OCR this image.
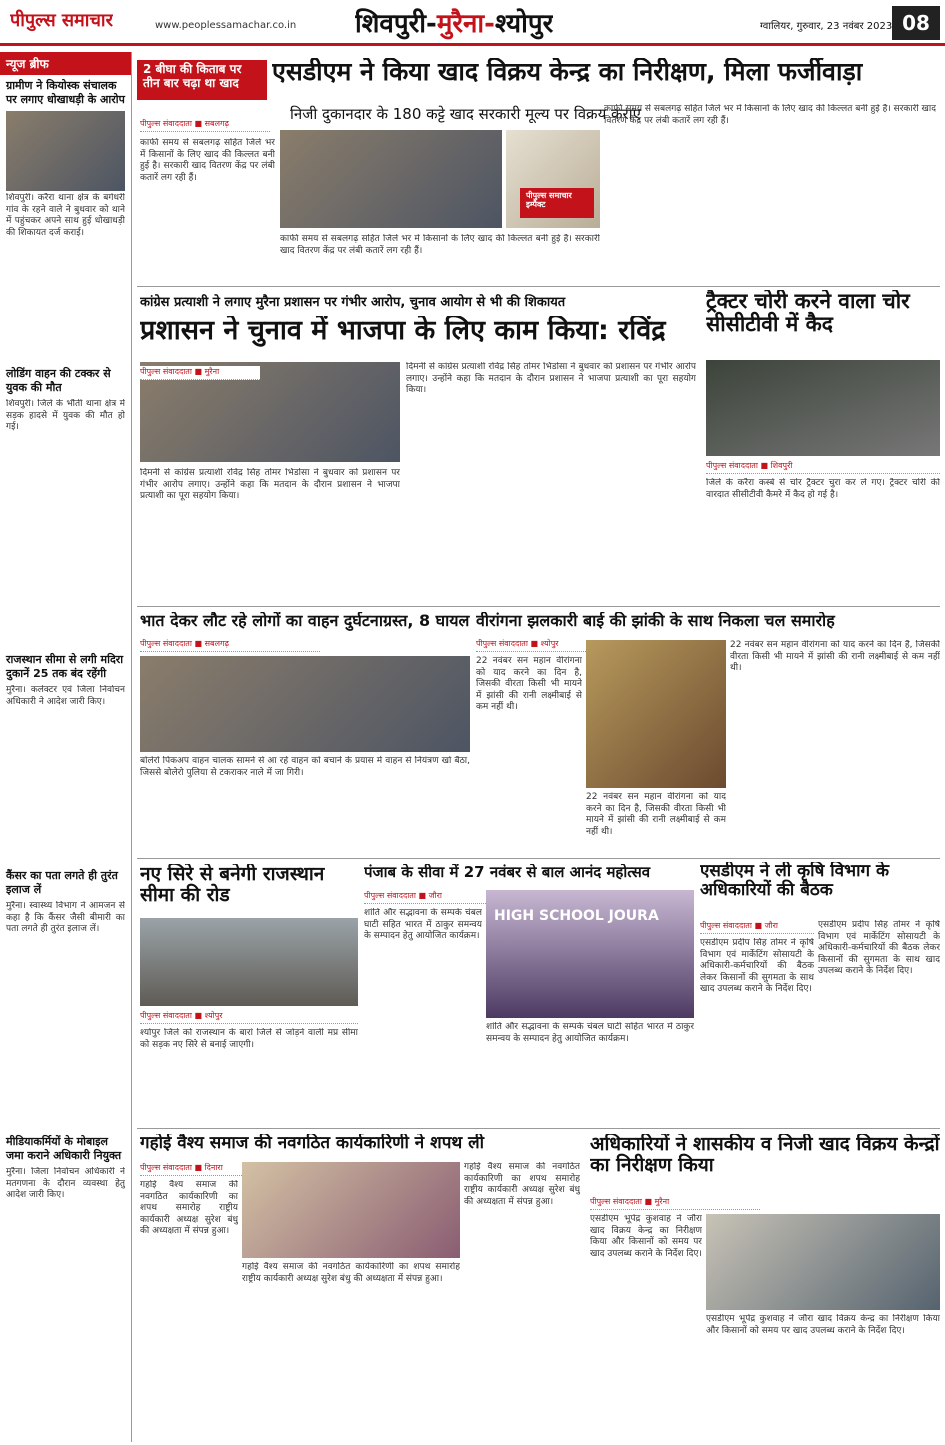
पीपुल्स समाचार	www.peoplessamachar.co.in शिवपुरी-मुरैना-श्योपुर	ग्वालियर, गुरुवार, 23 नवंबर 2023 08
न्यूज ब्रीफ
ग्रामीण ने कियोस्क संचालक पर लगाए धोखाधड़ी के आरोप
शिवपुरी। करैरा थाना क्षेत्र के बगेधरी गांव के रहने वाले ने बुधवार को थाने में पहुंचकर अपने साथ हुई धोखाधड़ी की शिकायत दर्ज कराई।
लोडिंग वाहन की टक्कर से युवक की मौत
शिवपुरी। जिले के भौंती थाना क्षेत्र में सड़क हादसे में युवक की मौत हो गई।
राजस्थान सीमा से लगी मदिरा दुकानें 25 तक बंद रहेंगी
मुरैना। कलेक्टर एवं जिला निर्वाचन अधिकारी ने आदेश जारी किए।
कैंसर का पता लगते ही तुरंत इलाज लें
मुरैना। स्वास्थ्य विभाग ने आमजन से कहा है कि कैंसर जैसी बीमारी का पता लगते ही तुरंत इलाज लें।
मीडियाकर्मियों के मोबाइल जमा कराने अधिकारी नियुक्त
मुरैना। जिला निर्वाचन अधिकारी ने मतगणना के दौरान व्यवस्था हेतु आदेश जारी किए।
2 बीघा की किताब पर तीन बार चढ़ा था खाद	एसडीएम ने किया खाद विक्रय केन्द्र का निरीक्षण, मिला फर्जीवाड़ा
निजी दुकानदार के 180 कट्टे खाद सरकारी मूल्य पर विक्रय कराए
पीपुल्स संवाददाता ■ सबलगढ़
पीपुल्स समाचार इम्पैक्ट
काफी समय से सबलगढ़ सहित जिले भर में किसानों के लिए खाद की किल्लत बनी हुई है। सरकारी खाद वितरण केंद्र पर लंबी कतारें लग रही हैं।
काफी समय से सबलगढ़ सहित जिले भर में किसानों के लिए खाद की किल्लत बनी हुई है। सरकारी खाद वितरण केंद्र पर लंबी कतारें लग रही हैं।
काफी समय से सबलगढ़ सहित जिले भर में किसानों के लिए खाद की किल्लत बनी हुई है। सरकारी खाद वितरण केंद्र पर लंबी कतारें लग रही हैं।
कांग्रेस प्रत्याशी ने लगाए मुरैना प्रशासन पर गंभीर आरोप, चुनाव आयोग से भी की शिकायत
प्रशासन ने चुनाव में भाजपा के लिए काम किया: रविंद्र
पीपुल्स संवाददाता ■ मुरैना	दिमनी से कांग्रेस प्रत्याशी रविंद्र सिंह तोमर भिडोसा ने बुधवार को प्रशासन पर गंभीर आरोप लगाए। उन्होंने कहा कि मतदान के दौरान प्रशासन ने भाजपा प्रत्याशी का पूरा सहयोग किया।
दिमनी से कांग्रेस प्रत्याशी रविंद्र सिंह तोमर भिडोसा ने बुधवार को प्रशासन पर गंभीर आरोप लगाए। उन्होंने कहा कि मतदान के दौरान प्रशासन ने भाजपा प्रत्याशी का पूरा सहयोग किया।
ट्रैक्टर चोरी करने वाला चोर सीसीटीवी में कैद
पीपुल्स संवाददाता ■ शिवपुरी
जिले के करैरा कस्बे से चोर ट्रैक्टर चुरा कर ले गए। ट्रैक्टर चोरी की वारदात सीसीटीवी कैमरे में कैद हो गई है।
भात देकर लौट रहे लोगों का वाहन दुर्घटनाग्रस्त, 8 घायल
पीपुल्स संवाददाता ■ सबलगढ़
बोलेरो पिकअप वाहन चालक सामने से आ रहे वाहन को बचाने के प्रयास में वाहन से नियंत्रण खो बैठा, जिससे बोलेरो पुलिया से टकराकर नाले में जा गिरी।
वीरांगना झलकारी बाई की झांकी के साथ निकला चल समारोह
पीपुल्स संवाददाता ■ श्योपुर
22 नवंबर सन महान वीरांगना को याद करने का दिन है, जिसकी वीरता किसी भी मायने में झांसी की रानी लक्ष्मीबाई से कम नहीं थी।
22 नवंबर सन महान वीरांगना को याद करने का दिन है, जिसकी वीरता किसी भी मायने में झांसी की रानी लक्ष्मीबाई से कम नहीं थी।
22 नवंबर सन महान वीरांगना को याद करने का दिन है, जिसकी वीरता किसी भी मायने में झांसी की रानी लक्ष्मीबाई से कम नहीं थी।
नए सिरे से बनेगी राजस्थान सीमा की रोड
पीपुल्स संवाददाता ■ श्योपुर
श्योपुर जिले को राजस्थान के बारां जिले से जोड़ने वाली मप्र सीमा को सड़क नए सिरे से बनाई जाएगी।
पंजाब के सीवा में 27 नवंबर से बाल आनंद महोत्सव
पीपुल्स संवाददाता ■ जौरा
शांति और सद्भावना के सम्पर्क चंबल घाटी सहित भारत में ठाकुर समन्वय के सम्पादन हेतु आयोजित कार्यक्रम।
HIGH SCHOOL JOURA
शांति और सद्भावना के सम्पर्क चंबल घाटी सहित भारत में ठाकुर समन्वय के सम्पादन हेतु आयोजित कार्यक्रम।
एसडीएम ने ली कृषि विभाग के अधिकारियों की बैठक
पीपुल्स संवाददाता ■ जौरा
एसडीएम प्रदीप सिंह तोमर ने कृषि विभाग एवं मार्केटिंग सोसायटी के अधिकारी-कर्मचारियों की बैठक लेकर किसानों की सुगमता के साथ खाद उपलब्ध कराने के निर्देश दिए।
एसडीएम प्रदीप सिंह तोमर ने कृषि विभाग एवं मार्केटिंग सोसायटी के अधिकारी-कर्मचारियों की बैठक लेकर किसानों की सुगमता के साथ खाद उपलब्ध कराने के निर्देश दिए।
गहोई वैश्य समाज की नवगठित कार्यकारिणी ने शपथ ली
पीपुल्स संवाददाता ■ दिनारा
गहोई वैश्य समाज की नवगठित कार्यकारिणी का शपथ समारोह राष्ट्रीय कार्यकारी अध्यक्ष सुरेश बंधु की अध्यक्षता में संपन्न हुआ।
गहोई वैश्य समाज की नवगठित कार्यकारिणी का शपथ समारोह राष्ट्रीय कार्यकारी अध्यक्ष सुरेश बंधु की अध्यक्षता में संपन्न हुआ।
गहोई वैश्य समाज की नवगठित कार्यकारिणी का शपथ समारोह राष्ट्रीय कार्यकारी अध्यक्ष सुरेश बंधु की अध्यक्षता में संपन्न हुआ।
अधिकारियों ने शासकीय व निजी खाद विक्रय केन्द्रों का निरीक्षण किया
पीपुल्स संवाददाता ■ मुरैना
एसडीएम भूपेंद्र कुशवाह ने जौरा खाद विक्रय केन्द्र का निरीक्षण किया और किसानों को समय पर खाद उपलब्ध कराने के निर्देश दिए।
एसडीएम भूपेंद्र कुशवाह ने जौरा खाद विक्रय केन्द्र का निरीक्षण किया और किसानों को समय पर खाद उपलब्ध कराने के निर्देश दिए।
